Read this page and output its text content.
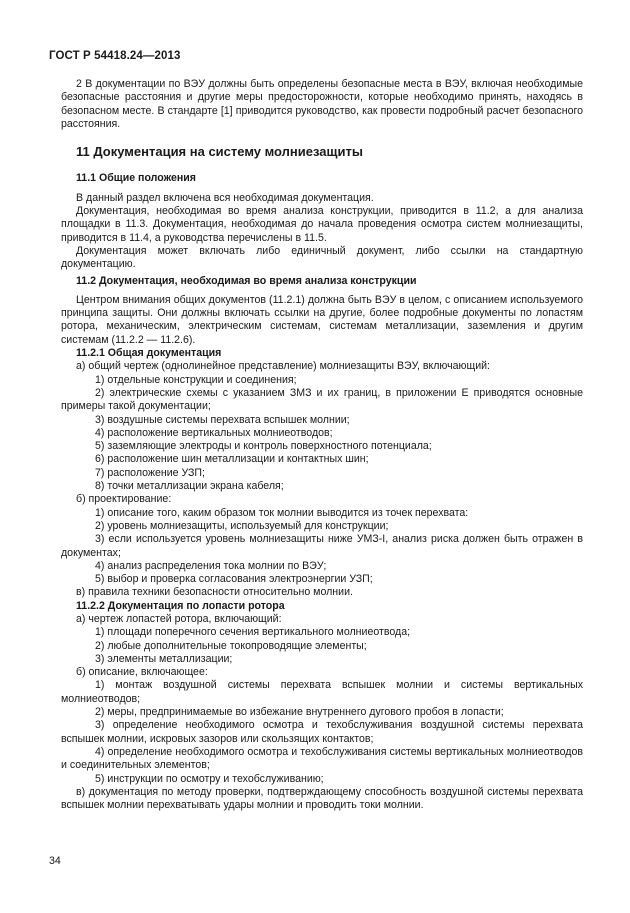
ГОСТ Р 54418.24—2013

2 В документации по ВЭУ должны быть определены безопасные места в ВЭУ, включая необходимые безопасные расстояния и другие меры предосторожности, которые необходимо принять, находясь в безопасном месте. В стандарте [1] приводится руководство, как провести подробный расчет безопасного расстояния.

11 Документация на систему молниезащиты

11.1 Общие положения

В данный раздел включена вся необходимая документация.

Документация, необходимая во время анализа конструкции, приводится в 11.2, а для анализа площадки в 11.3. Документация, необходимая до начала проведения осмотра систем молниезащиты, приводится в 11.4, а руководства перечислены в 11.5.

Документация может включать либо единичный документ, либо ссылки на стандартную документацию.

11.2 Документация, необходимая во время анализа конструкции

Центром внимания общих документов (11.2.1) должна быть ВЭУ в целом, с описанием используемого принципа защиты. Они должны включать ссылки на другие, более подробные документы по лопастям ротора, механическим, электрическим системам, системам металлизации, заземления и другим системам (11.2.2 — 11.2.6).

11.2.1 Общая документация

а) общий чертеж (однолинейное представление) молниезащиты ВЭУ, включающий:

1) отдельные конструкции и соединения;

2) электрические схемы с указанием ЗМЗ и их границ, в приложении Е приводятся основные примеры такой документации;

3) воздушные системы перехвата вспышек молнии;

4) расположение вертикальных молниеотводов;

5) заземляющие электроды и контроль поверхностного потенциала;

6) расположение шин металлизации и контактных шин;

7) расположение УЗП;

8) точки металлизации экрана кабеля;

б) проектирование:

1) описание того, каким образом ток молнии выводится из точек перехвата:

2) уровень молниезащиты, используемый для конструкции;

3) если используется уровень молниезащиты ниже УМЗ-I, анализ риска должен быть отражен в документах;

4) анализ распределения тока молнии по ВЭУ;

5) выбор и проверка согласования электроэнергии УЗП;

в) правила техники безопасности относительно молнии.

11.2.2 Документация по лопасти ротора

а) чертеж лопастей ротора, включающий:

1) площади поперечного сечения вертикального молниеотвода;

2) любые дополнительные токопроводящие элементы;

3) элементы металлизации;

б) описание, включающее:

1) монтаж воздушной системы перехвата вспышек молнии и системы вертикальных молниеотводов;

2) меры, предпринимаемые во избежание внутреннего дугового пробоя в лопасти;

3) определение необходимого осмотра и техобслуживания воздушной системы перехвата вспышек молнии, искровых зазоров или скользящих контактов;

4) определение необходимого осмотра и техобслуживания системы вертикальных молниеотводов и соединительных элементов;

5) инструкции по осмотру и техобслуживанию;

в) документация по методу проверки, подтверждающему способность воздушной системы перехвата вспышек молнии перехватывать удары молнии и проводить токи молнии.

34
